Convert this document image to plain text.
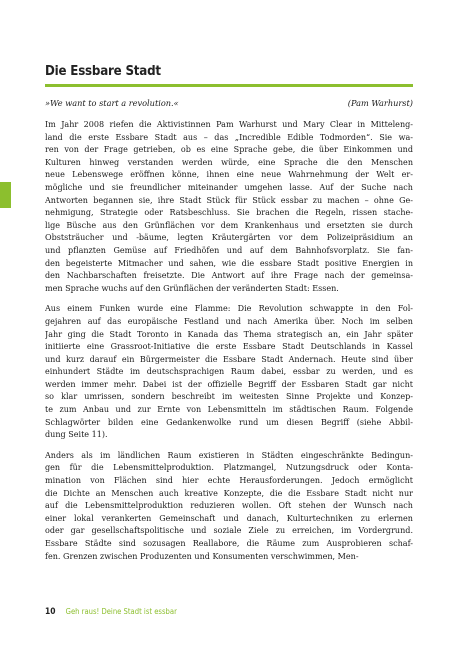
Die Essbare Stadt
»We want to start a revolution.«	(Pam Warhurst)

Im Jahr 2008 riefen die Aktivistinnen Pam Warhurst und Mary Clear in Mitteleng-
land die erste Essbare Stadt aus – das „Incredible Edible Todmorden“. Sie wa-
ren von der Frage getrieben, ob es eine Sprache gebe, die über Einkommen und
Kulturen hinweg verstanden werden würde, eine Sprache die den Menschen
neue Lebenswege eröffnen könne, ihnen eine neue Wahrnehmung der Welt er-
mögliche und sie freundlicher miteinander umgehen lasse. Auf der Suche nach
Antworten begannen sie, ihre Stadt Stück für Stück essbar zu machen – ohne Ge-
nehmigung, Strategie oder Ratsbeschluss. Sie brachen die Regeln, rissen stache-
lige Büsche aus den Grünflächen vor dem Krankenhaus und ersetzten sie durch
Obststräucher und -bäume, legten Kräutergärten vor dem Polizeipräsidium an
und pflanzten Gemüse auf Friedhöfen und auf dem Bahnhofsvorplatz. Sie fan-
den begeisterte Mitmacher und sahen, wie die essbare Stadt positive Energien in
den Nachbarschaften freisetzte. Die Antwort auf ihre Frage nach der gemeinsa-
men Sprache wuchs auf den Grünflächen der veränderten Stadt: Essen.

Aus einem Funken wurde eine Flamme: Die Revolution schwappte in den Fol-
gejahren auf das europäische Festland und nach Amerika über. Noch im selben
Jahr ging die Stadt Toronto in Kanada das Thema strategisch an, ein Jahr später
initiierte eine Grassroot-Initiative die erste Essbare Stadt Deutschlands in Kassel
und kurz darauf ein Bürgermeister die Essbare Stadt Andernach. Heute sind über
einhundert Städte im deutschsprachigen Raum dabei, essbar zu werden, und es
werden immer mehr. Dabei ist der offizielle Begriff der Essbaren Stadt gar nicht
so klar umrissen, sondern beschreibt im weitesten Sinne Projekte und Konzep-
te zum Anbau und zur Ernte von Lebensmitteln im städtischen Raum. Folgende
Schlagwörter bilden eine Gedankenwolke rund um diesen Begriff (siehe Abbil-
dung Seite 11).

Anders als im ländlichen Raum existieren in Städten eingeschränkte Bedingun-
gen für die Lebensmittelproduktion. Platzmangel, Nutzungsdruck oder Konta-
mination von Flächen sind hier echte Herausforderungen. Jedoch ermöglicht
die Dichte an Menschen auch kreative Konzepte, die die Essbare Stadt nicht nur
auf die Lebensmittelproduktion reduzieren wollen. Oft stehen der Wunsch nach
einer lokal verankerten Gemeinschaft und danach, Kulturtechniken zu erlernen
oder gar gesellschaftspolitische und soziale Ziele zu erreichen, im Vordergrund.
Essbare Städte sind sozusagen Reallabore, die Räume zum Ausprobieren schaf-
fen. Grenzen zwischen Produzenten und Konsumenten verschwimmen, Men-

10 Geh raus! Deine Stadt ist essbar
